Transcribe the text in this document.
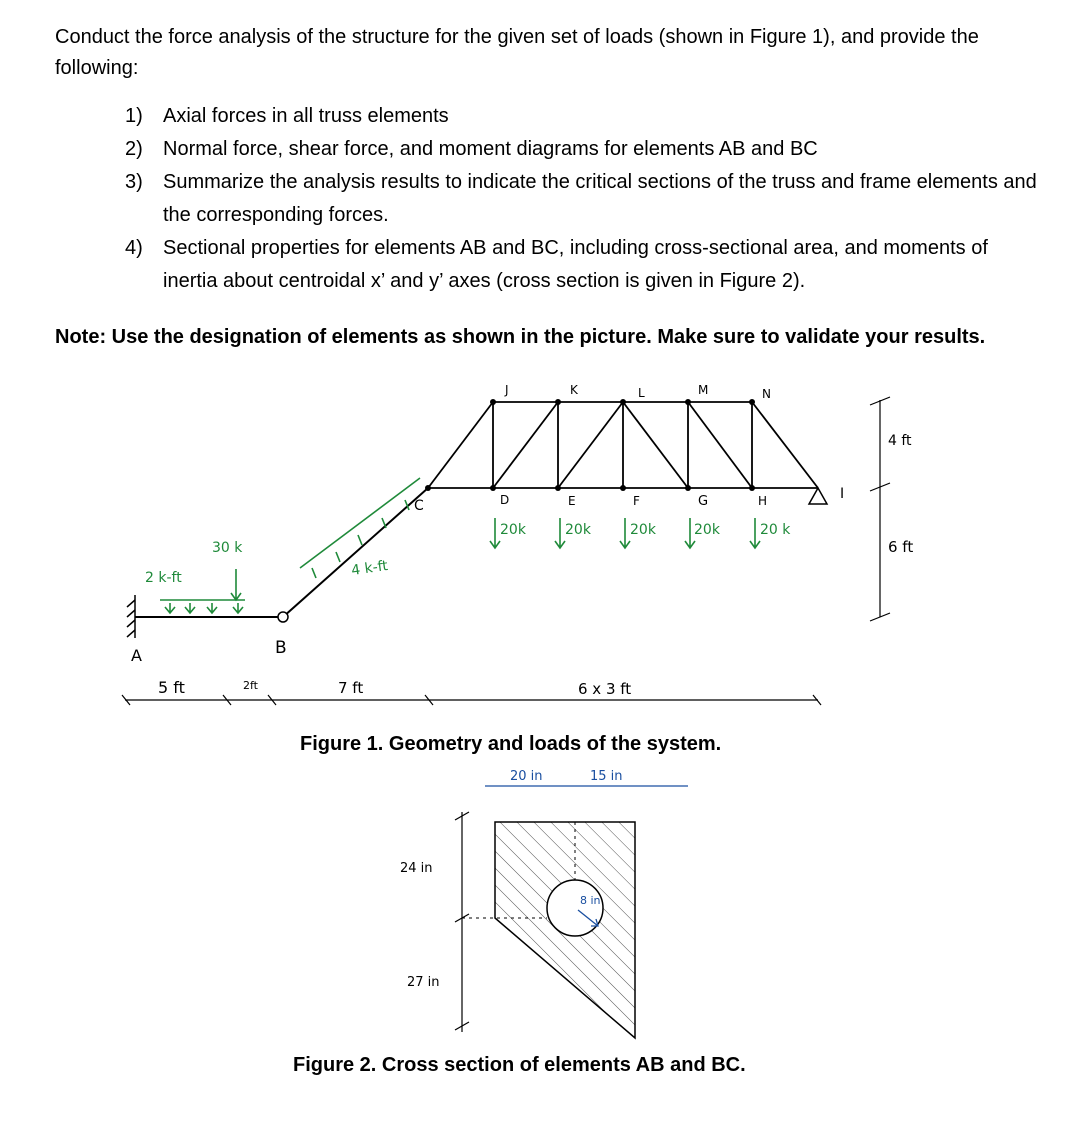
Conduct the force analysis of the structure for the given set of loads (shown in Figure 1), and provide the following:

1) Axial forces in all truss elements
2) Normal force, shear force, and moment diagrams for elements AB and BC
3) Summarize the analysis results to indicate the critical sections of the truss and frame elements and the corresponding forces.
4) Sectional properties for elements AB and BC, including cross-sectional area, and moments of inertia about centroidal x’ and y’ axes (cross section is given in Figure 2).

Note: Use the designation of elements as shown in the picture. Make sure to validate your results.

A	B
C
J	K	L	M	N
D	E	F	G	H	I
30 k
2 k-ft	4 k-ft
20k	20k	20k	20k	20 k
5 ft	2ft	7 ft	6 x 3 ft
4 ft
6 ft
Figure 1. Geometry and loads of the system.
20 in	15 in
8 in
24 in
27 in
Figure 2. Cross section of elements AB and BC.
